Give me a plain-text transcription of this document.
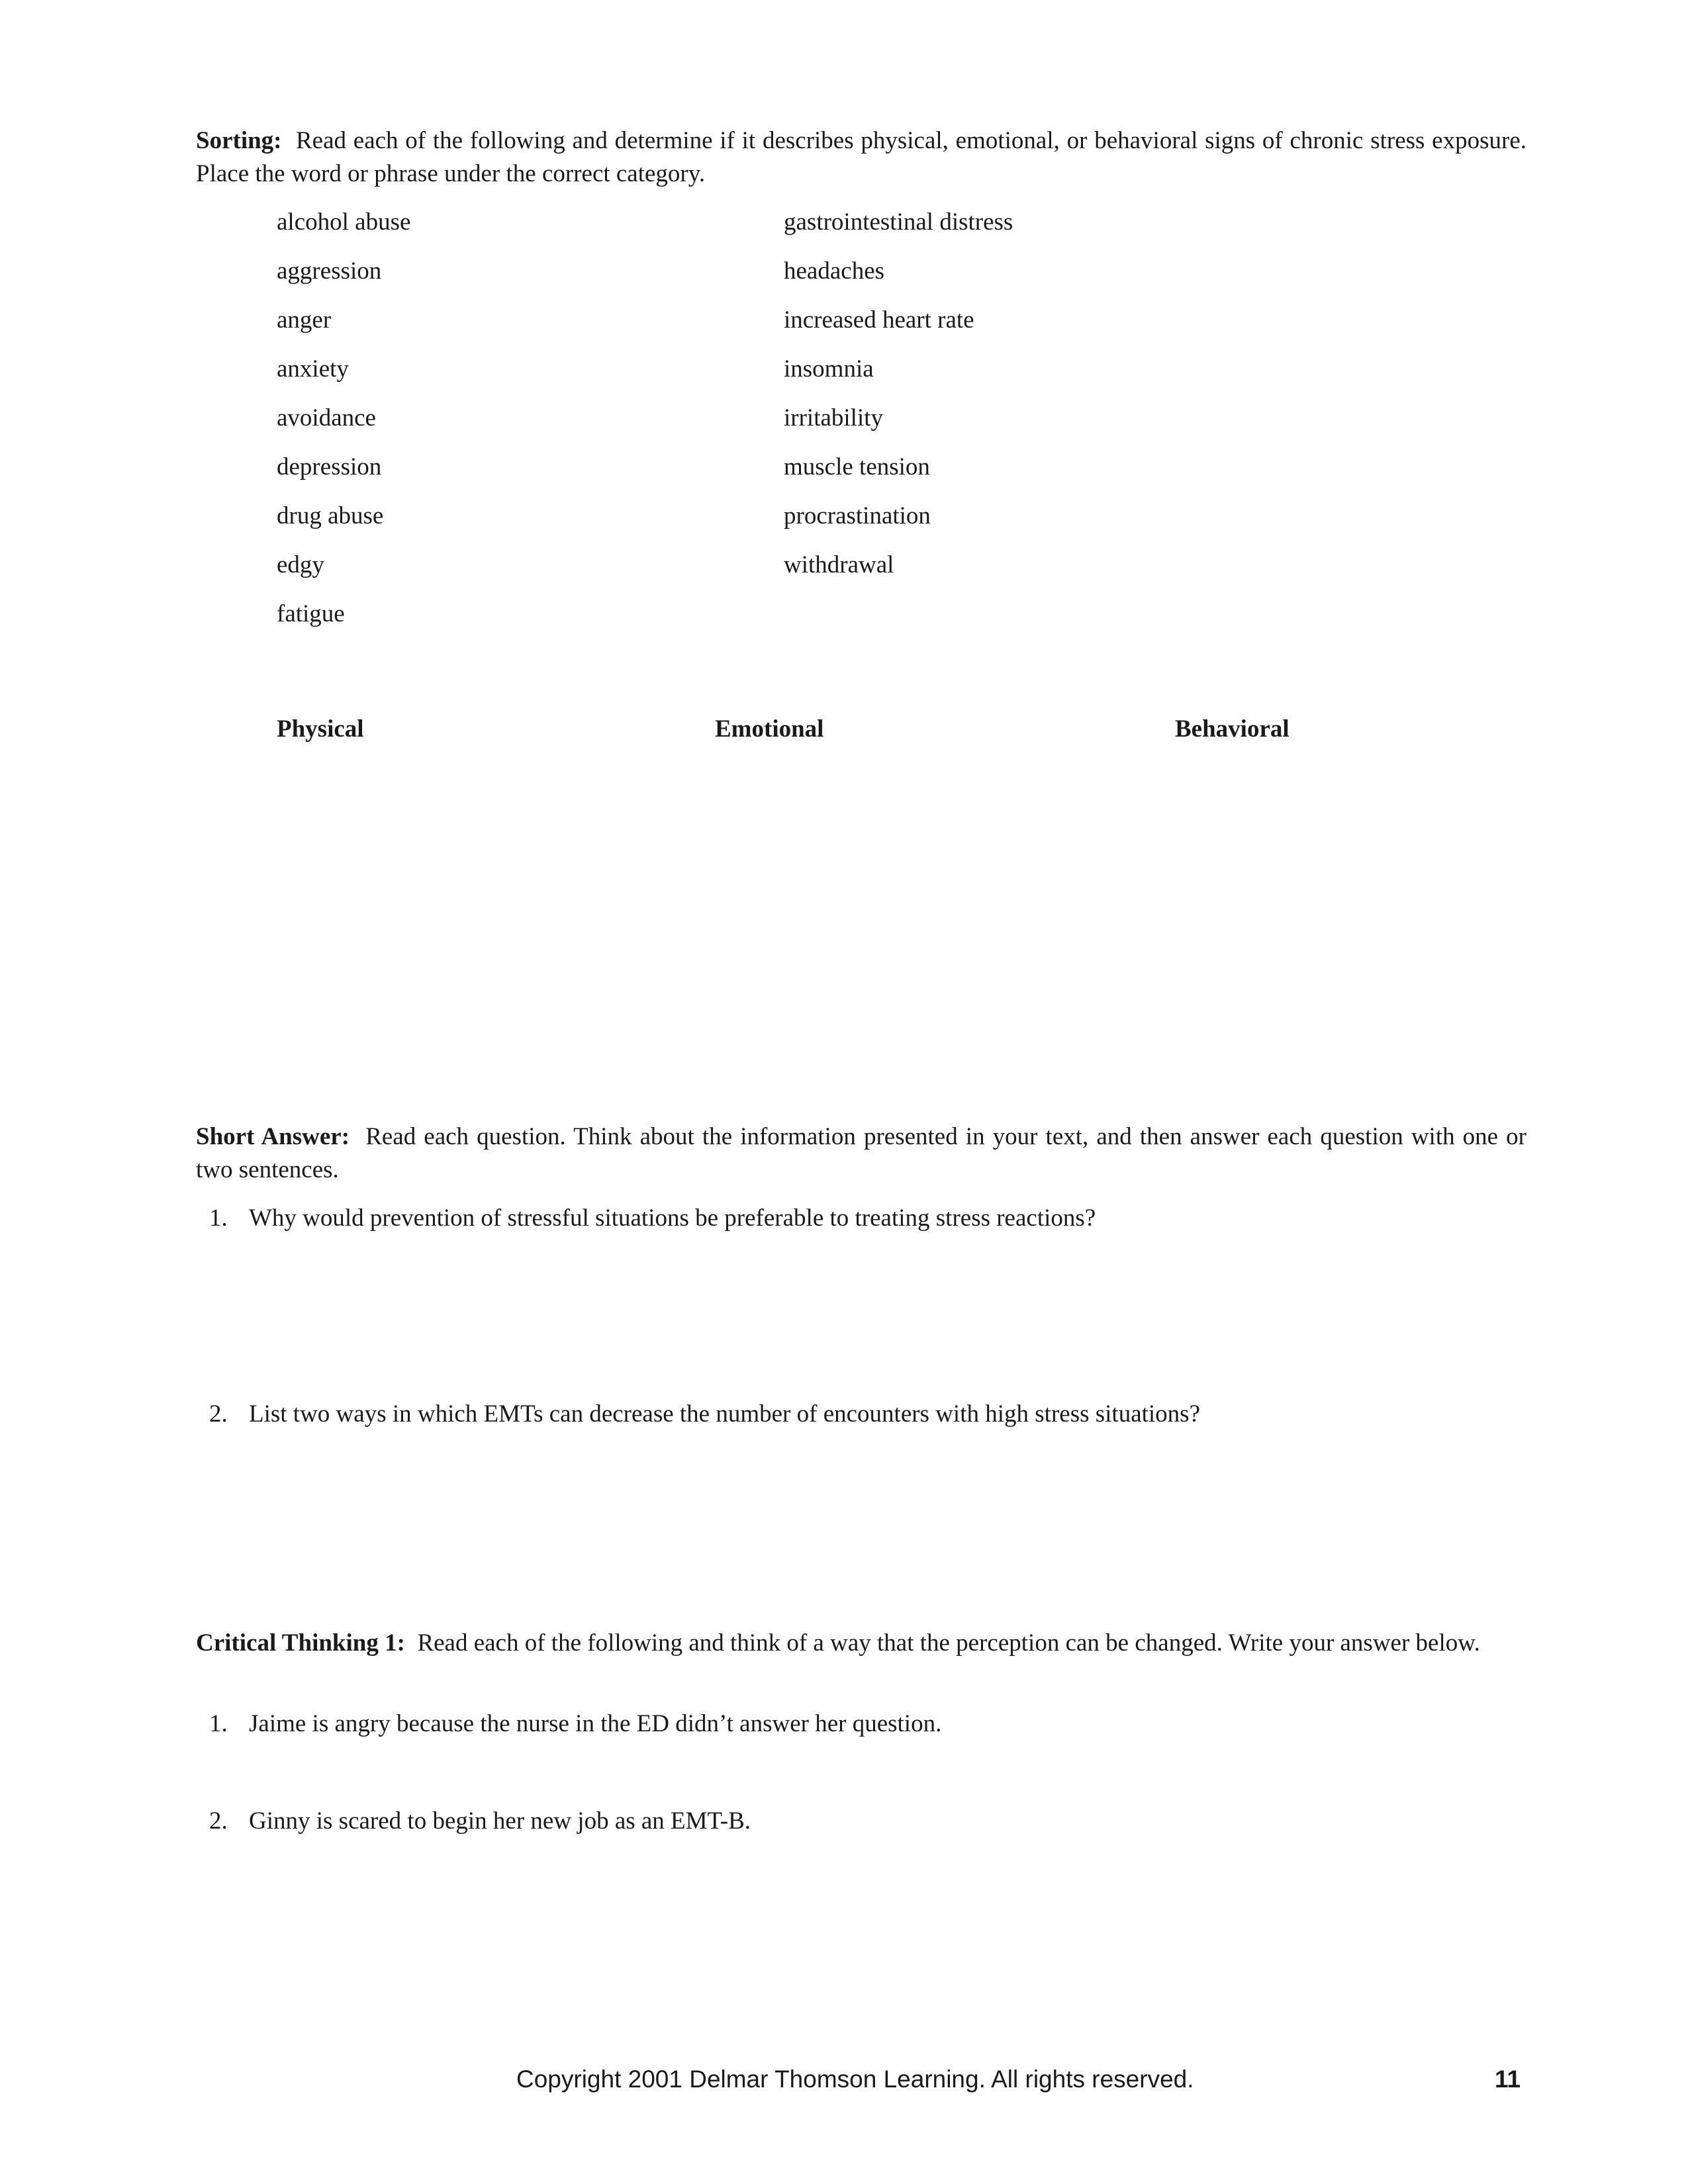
Sorting: Read each of the following and determine if it describes physical, emotional, or behavioral signs of chronic stress exposure. Place the word or phrase under the correct category.

alcohol abuse
aggression
anger
anxiety
avoidance
depression
drug abuse
edgy
fatigue
gastrointestinal distress
headaches
increased heart rate
insomnia
irritability
muscle tension
procrastination
withdrawal
Physical	Emotional	Behavioral

Short Answer: Read each question. Think about the information presented in your text, and then answer each question with one or two sentences.

1. Why would prevention of stressful situations be preferable to treating stress reactions?
2. List two ways in which EMTs can decrease the number of encounters with high stress situations?

Critical Thinking 1: Read each of the following and think of a way that the perception can be changed. Write your answer below.

1. Jaime is angry because the nurse in the ED didn’t answer her question.
2. Ginny is scared to begin her new job as an EMT-B.
Copyright 2001 Delmar Thomson Learning. All rights reserved.	11
